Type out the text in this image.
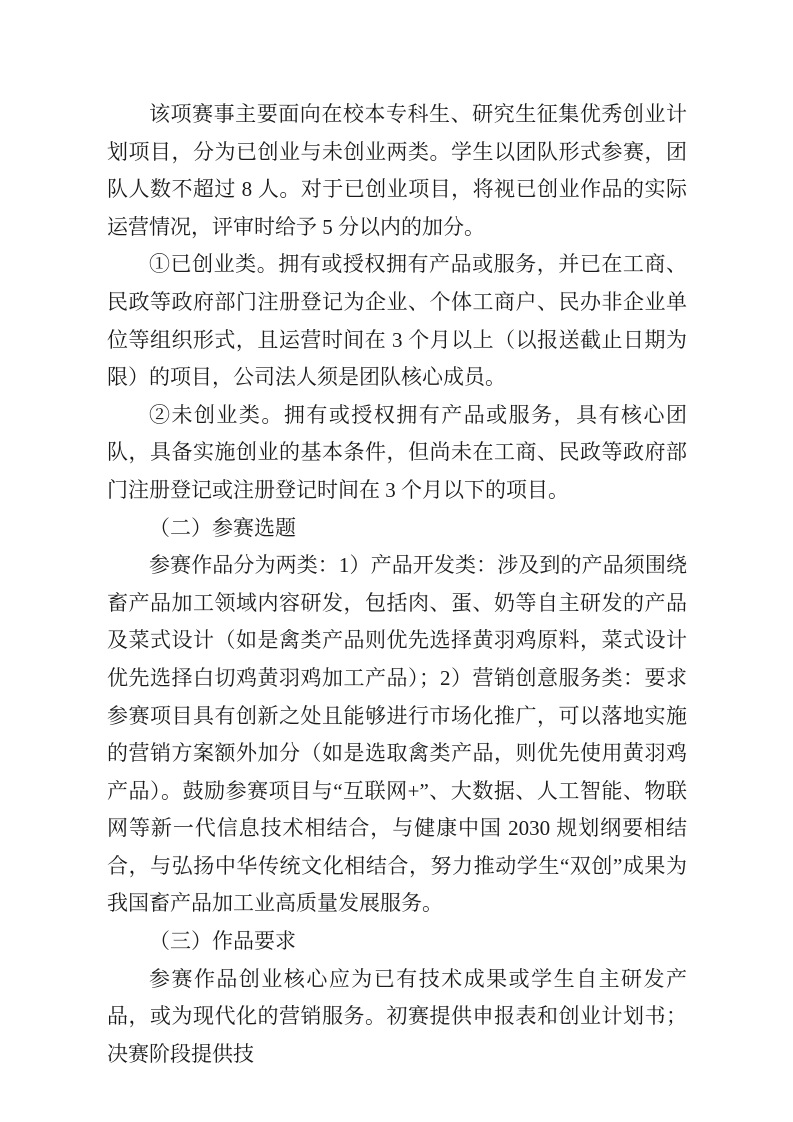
该项赛事主要面向在校本专科生、研究生征集优秀创业计划项目，分为已创业与未创业两类。学生以团队形式参赛，团队人数不超过 8 人。对于已创业项目，将视已创业作品的实际运营情况，评审时给予 5 分以内的加分。

①已创业类。拥有或授权拥有产品或服务，并已在工商、民政等政府部门注册登记为企业、个体工商户、民办非企业单位等组织形式，且运营时间在 3 个月以上（以报送截止日期为限）的项目，公司法人须是团队核心成员。

②未创业类。拥有或授权拥有产品或服务，具有核心团队，具备实施创业的基本条件，但尚未在工商、民政等政府部门注册登记或注册登记时间在 3 个月以下的项目。

（二）参赛选题

参赛作品分为两类：1）产品开发类：涉及到的产品须围绕畜产品加工领域内容研发，包括肉、蛋、奶等自主研发的产品及菜式设计（如是禽类产品则优先选择黄羽鸡原料，菜式设计优先选择白切鸡黄羽鸡加工产品）；2）营销创意服务类：要求参赛项目具有创新之处且能够进行市场化推广，可以落地实施的营销方案额外加分（如是选取禽类产品，则优先使用黄羽鸡产品）。鼓励参赛项目与“互联网+”、大数据、人工智能、物联网等新一代信息技术相结合，与健康中国 2030 规划纲要相结合，与弘扬中华传统文化相结合，努力推动学生“双创”成果为我国畜产品加工业高质量发展服务。

（三）作品要求

参赛作品创业核心应为已有技术成果或学生自主研发产品，或为现代化的营销服务。初赛提供申报表和创业计划书；决赛阶段提供技
